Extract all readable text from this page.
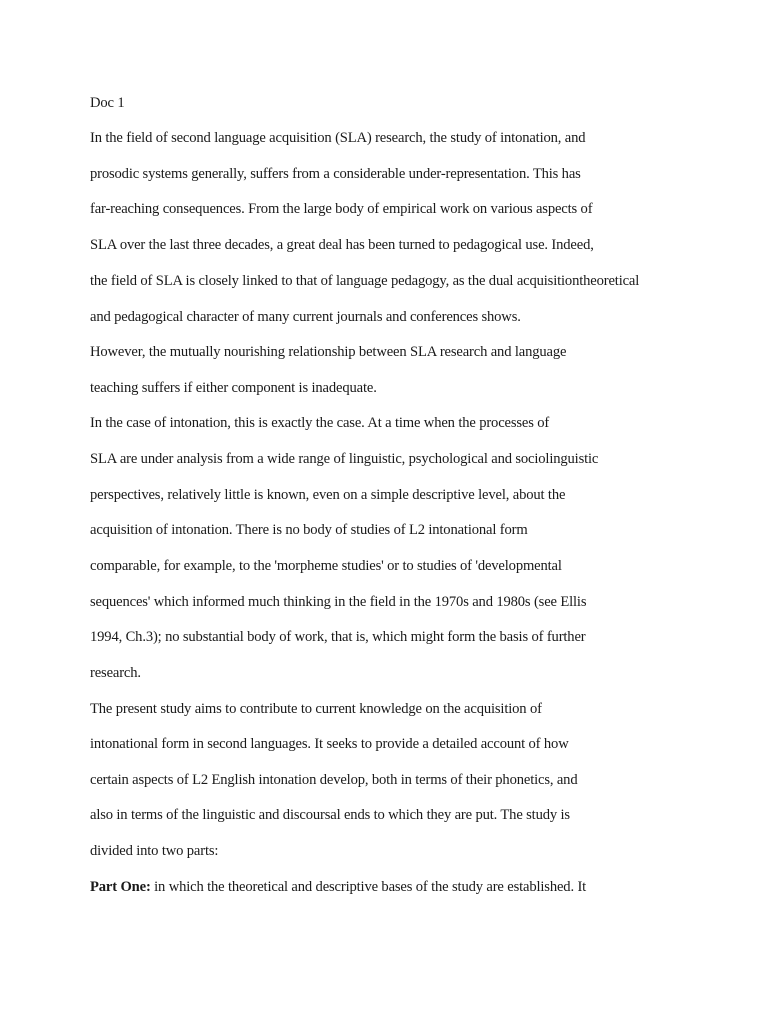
Doc 1
In the field of second language acquisition (SLA) research, the study of intonation, and
prosodic systems generally, suffers from a considerable under-representation. This has
far-reaching consequences. From the large body of empirical work on various aspects of
SLA over the last three decades, a great deal has been turned to pedagogical use. Indeed,
the field of SLA is closely linked to that of language pedagogy, as the dual acquisitiontheoretical
and pedagogical character of many current journals and conferences shows.
However, the mutually nourishing relationship between SLA research and language
teaching suffers if either component is inadequate.
In the case of intonation, this is exactly the case. At a time when the processes of
SLA are under analysis from a wide range of linguistic, psychological and sociolinguistic
perspectives, relatively little is known, even on a simple descriptive level, about the
acquisition of intonation. There is no body of studies of L2 intonational form
comparable, for example, to the 'morpheme studies' or to studies of 'developmental
sequences' which informed much thinking in the field in the 1970s and 1980s (see Ellis
1994, Ch.3); no substantial body of work, that is, which might form the basis of further
research.
The present study aims to contribute to current knowledge on the acquisition of
intonational form in second languages. It seeks to provide a detailed account of how
certain aspects of L2 English intonation develop, both in terms of their phonetics, and
also in terms of the linguistic and discoursal ends to which they are put. The study is
divided into two parts:
Part One: in which the theoretical and descriptive bases of the study are established. It
